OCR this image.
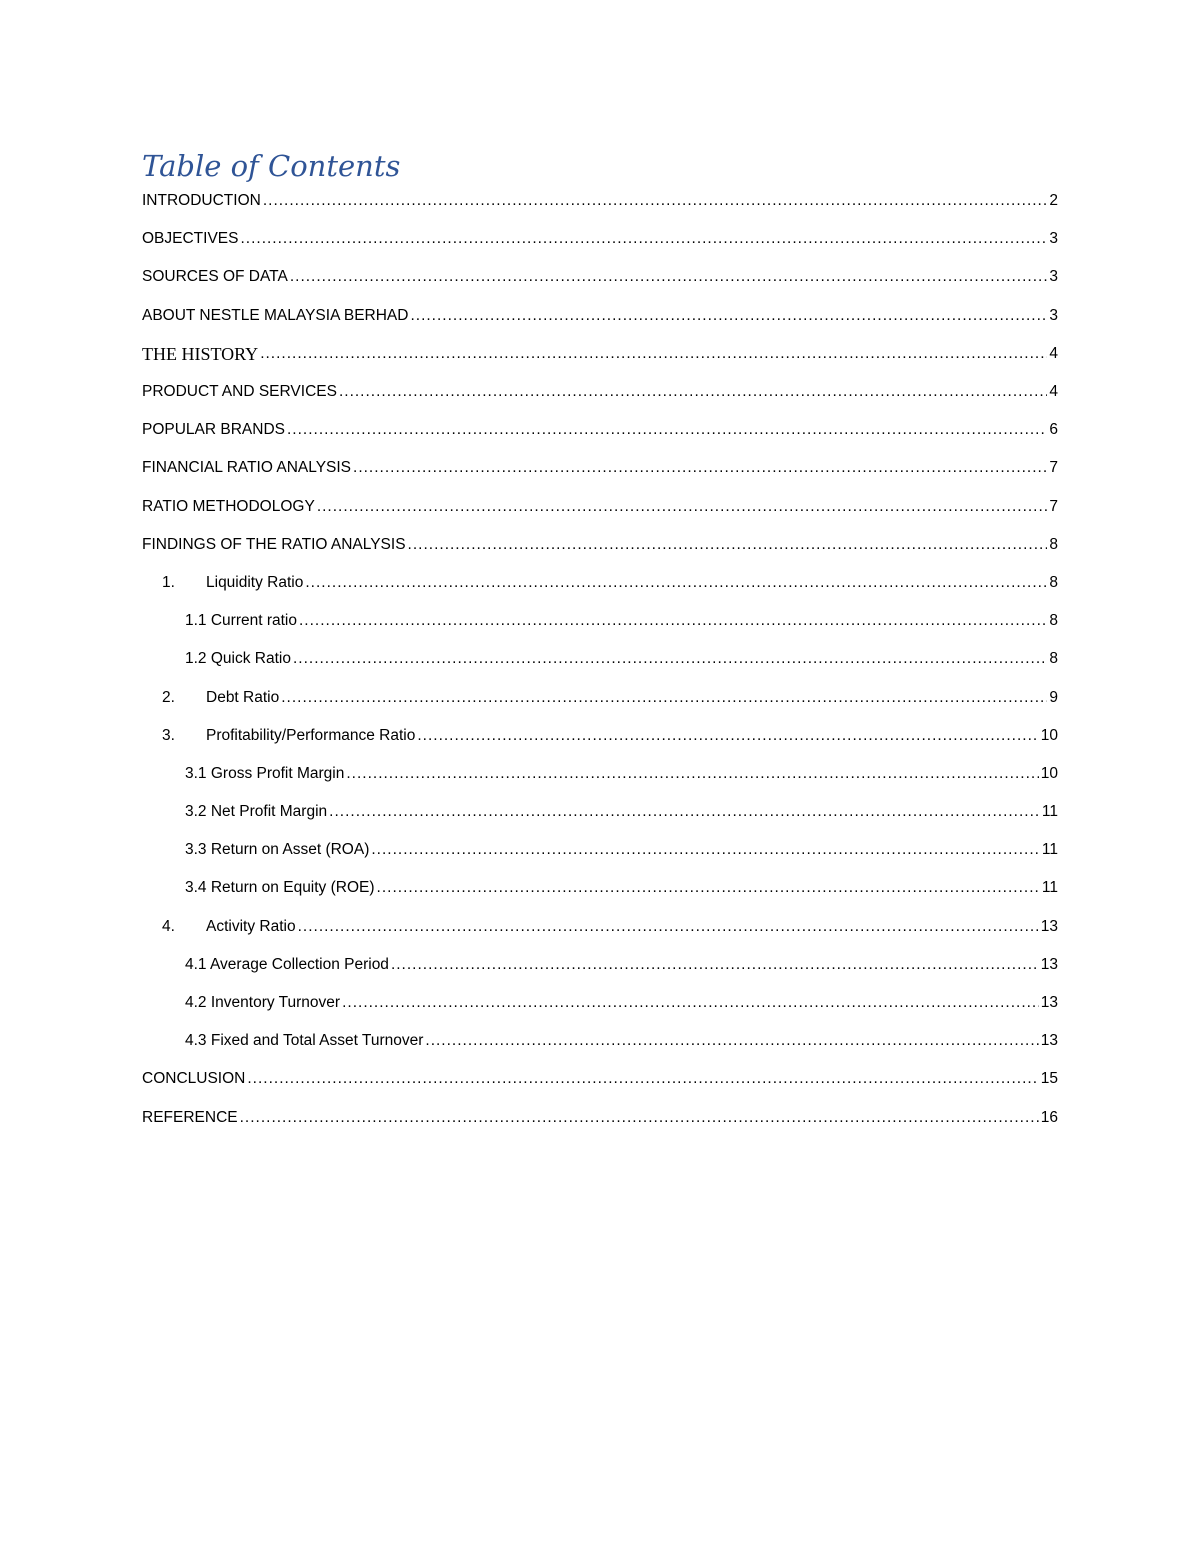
Table of Contents
INTRODUCTION .....	2
OBJECTIVES .....	3
SOURCES OF DATA .....	3
ABOUT NESTLE MALAYSIA BERHAD .....	3
THE HISTORY .....	4
PRODUCT AND SERVICES .....	4
POPULAR BRANDS .....	6
FINANCIAL RATIO ANALYSIS .....	7
RATIO METHODOLOGY .....	7
FINDINGS OF THE RATIO ANALYSIS .....	8
1.	Liquidity Ratio .....	8
1.1 Current ratio .....	8
1.2 Quick Ratio .....	8
2.	Debt Ratio .....	9
3.	Profitability/Performance Ratio .....	10
3.1 Gross Profit Margin .....	10
3.2 Net Profit Margin .....	11
3.3 Return on Asset (ROA) .....	11
3.4 Return on Equity (ROE) .....	11
4.	Activity Ratio .....	13
4.1 Average Collection Period .....	13
4.2 Inventory Turnover .....	13
4.3 Fixed and Total Asset Turnover .....	13
CONCLUSION .....	15
REFERENCE .....	16
